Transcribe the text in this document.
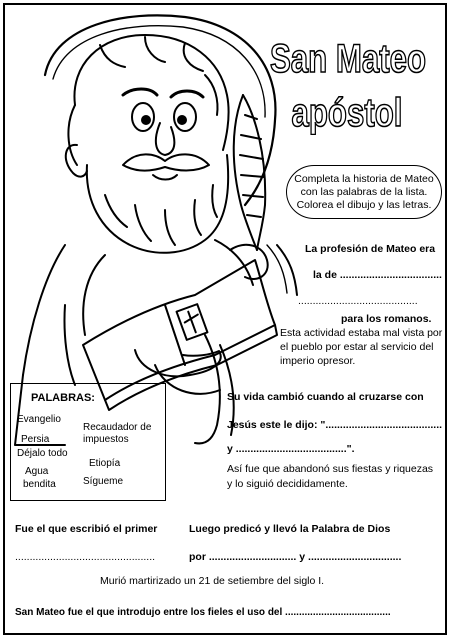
San Mateo
apóstol
Completa la historia de Mateo
con las palabras de la lista.
Colorea el dibujo y las letras.
La profesión de Mateo era
la de ...................................
.........................................
para los romanos.
Esta actividad estaba mal vista por
el pueblo por estar al servicio del
imperio opresor.
PALABRAS:
Evangelio
Recaudador de
impuestos
Persia
Déjalo todo
Etiopía
Agua
bendita	Sígueme
Su vida cambió cuando al cruzarse con
Jesús este le dijo: "........................................
y ......................................".
Así fue que abandonó sus fiestas y riquezas
y lo siguió decididamente.
Fue el que escribió el primer
................................................
Luego predicó y llevó la Palabra de Dios
por .............................. y ................................
Murió martirizado un 21 de setiembre del siglo I.
San Mateo fue el que introdujo entre los fieles el uso del ......................................
